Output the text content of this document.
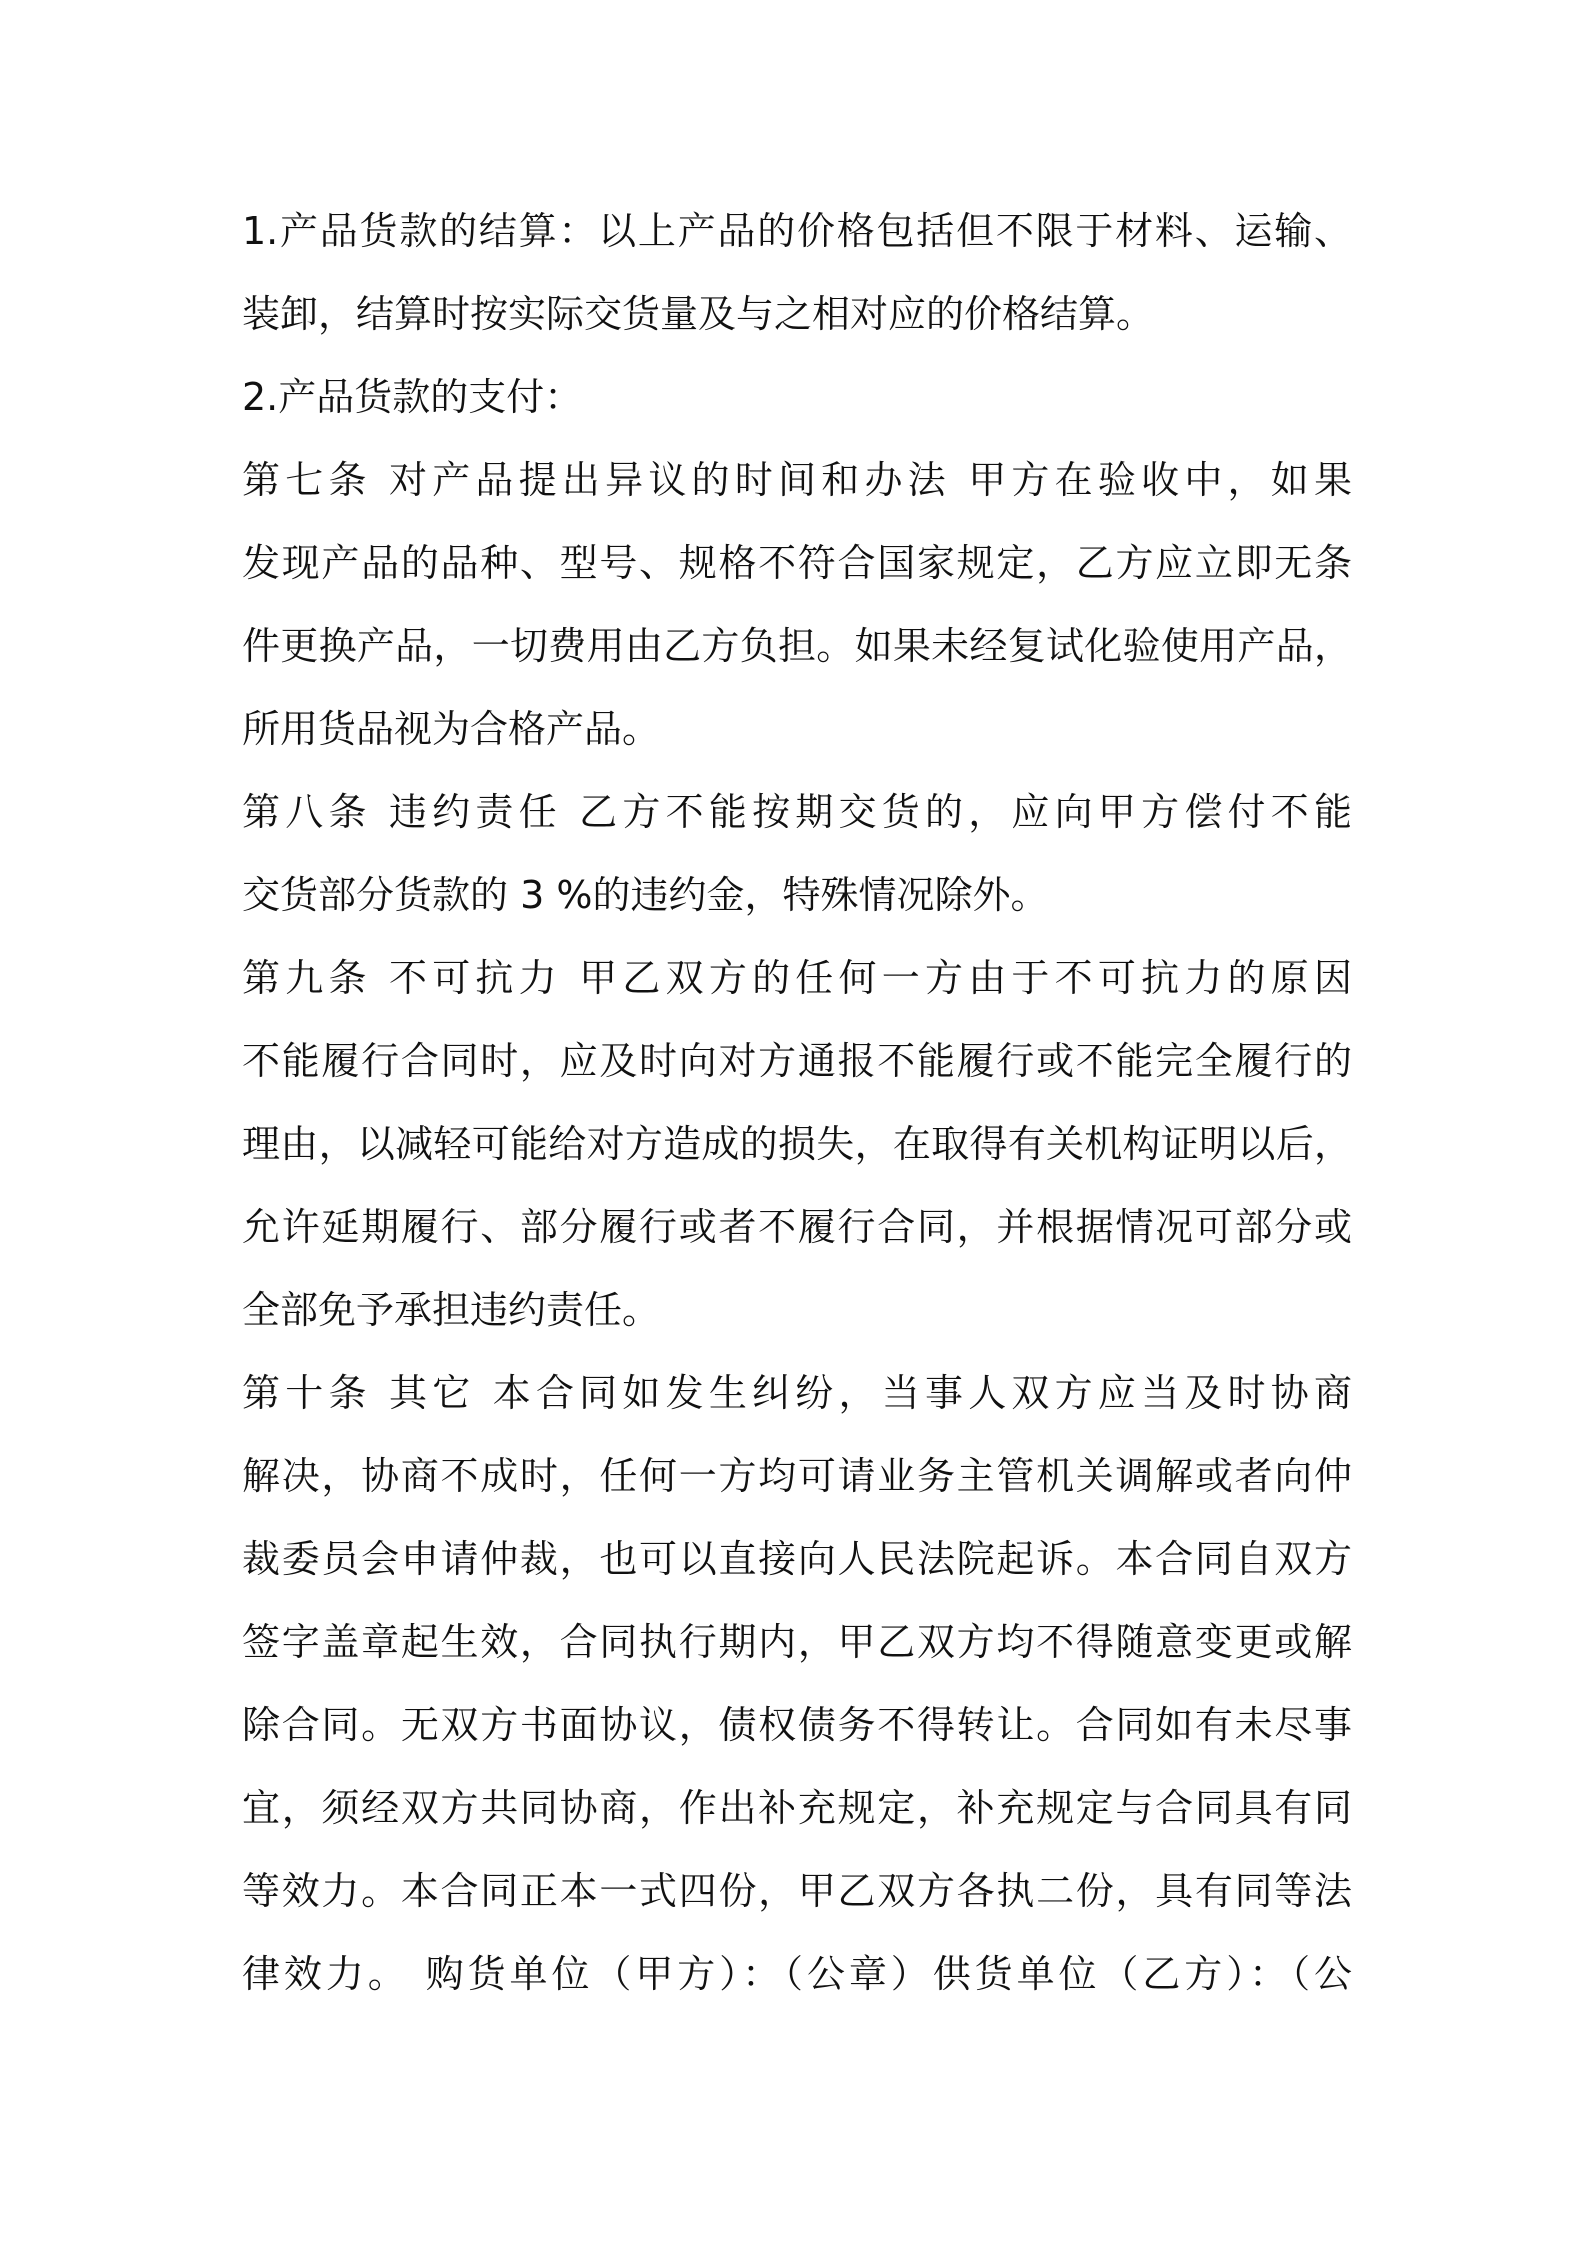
1.产品货款的结算：以上产品的价格包括但不限于材料、运输、
装卸，结算时按实际交货量及与之相对应的价格结算。
2.产品货款的支付：
第七条 对产品提出异议的时间和办法 甲方在验收中，如果
发现产品的品种、型号、规格不符合国家规定，乙方应立即无条
件更换产品，一切费用由乙方负担。如果未经复试化验使用产品，
所用货品视为合格产品。
第八条 违约责任 乙方不能按期交货的，应向甲方偿付不能
交货部分货款的 3 %的违约金，特殊情况除外。
第九条 不可抗力 甲乙双方的任何一方由于不可抗力的原因
不能履行合同时，应及时向对方通报不能履行或不能完全履行的
理由，以减轻可能给对方造成的损失，在取得有关机构证明以后，
允许延期履行、部分履行或者不履行合同，并根据情况可部分或
全部免予承担违约责任。
第十条 其它 本合同如发生纠纷，当事人双方应当及时协商
解决，协商不成时，任何一方均可请业务主管机关调解或者向仲
裁委员会申请仲裁，也可以直接向人民法院起诉。本合同自双方
签字盖章起生效，合同执行期内，甲乙双方均不得随意变更或解
除合同。无双方书面协议，债权债务不得转让。合同如有未尽事
宜，须经双方共同协商，作出补充规定，补充规定与合同具有同
等效力。本合同正本一式四份，甲乙双方各执二份，具有同等法
律效力。 购货单位（甲方）：（公章）供货单位（乙方）：（公
